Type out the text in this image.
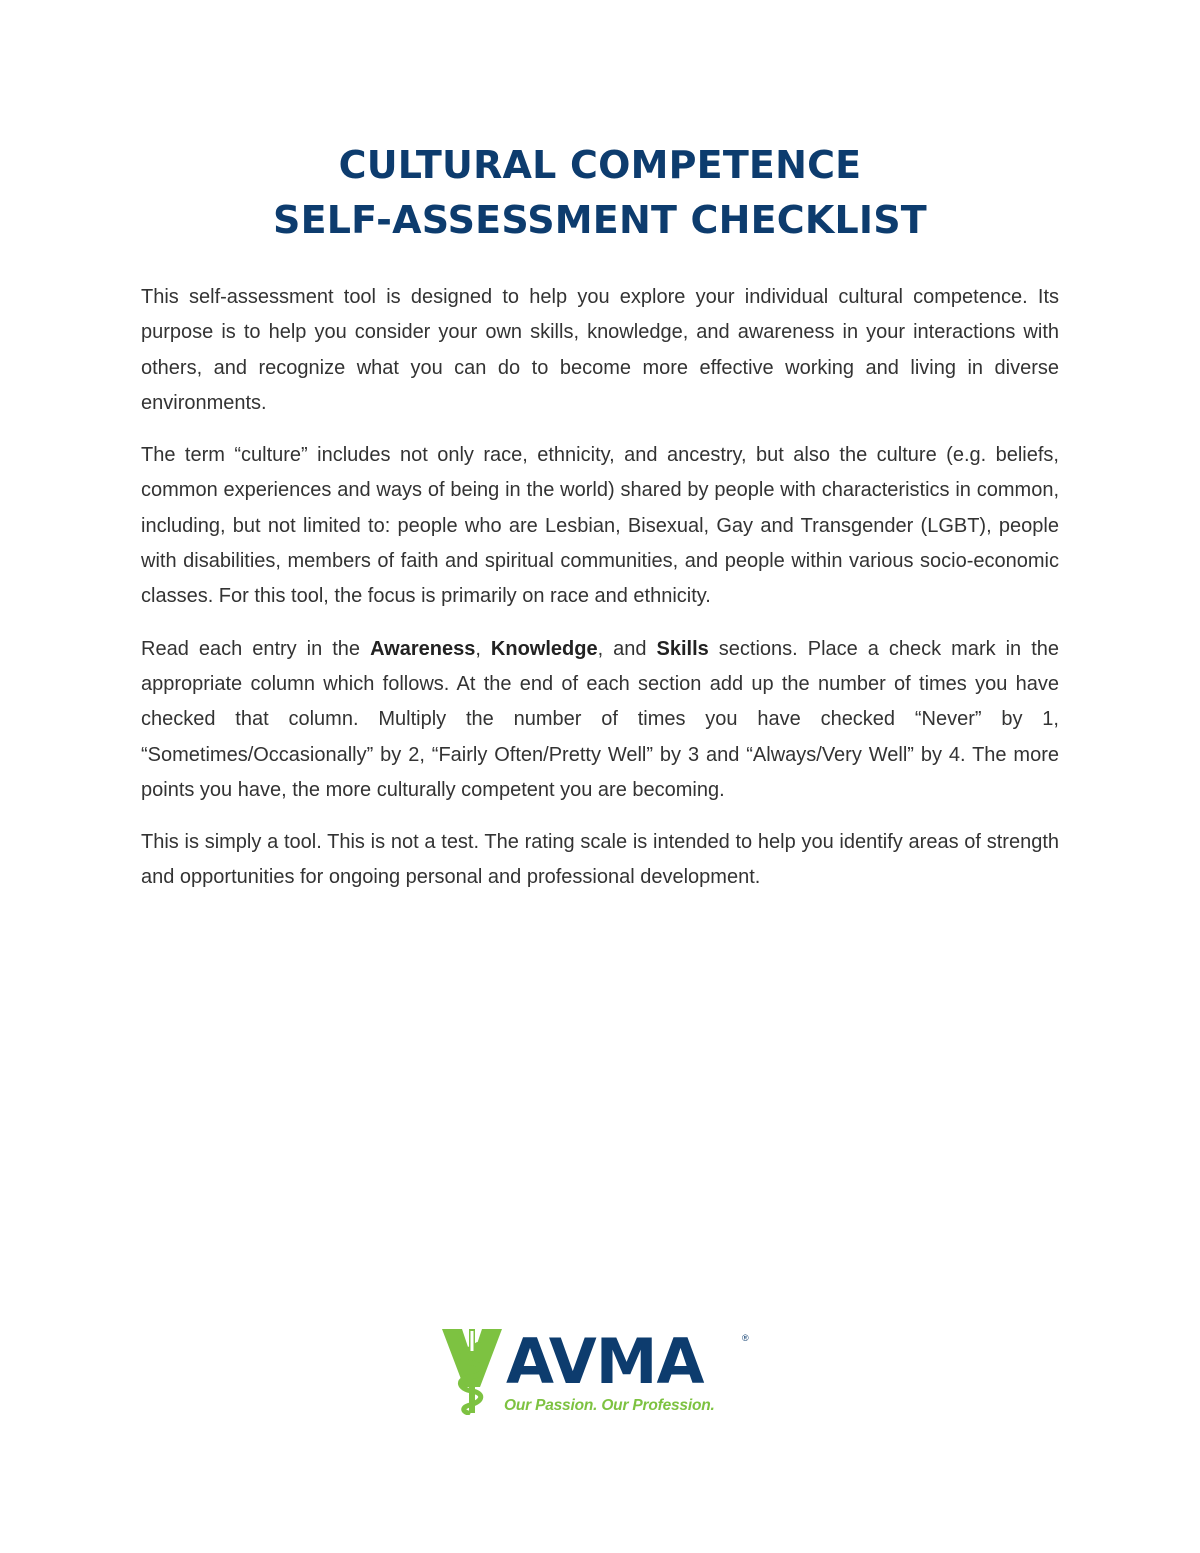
CULTURAL COMPETENCE
SELF-ASSESSMENT CHECKLIST

This self-assessment tool is designed to help you explore your individual cultural competence. Its purpose is to help you consider your own skills, knowledge, and awareness in your interactions with others, and recognize what you can do to become more effective working and living in diverse environments.

The term “culture” includes not only race, ethnicity, and ancestry, but also the culture (e.g. beliefs, common experiences and ways of being in the world) shared by people with characteristics in common, including, but not limited to: people who are Lesbian, Bisexual, Gay and Transgender (LGBT), people with disabilities, members of faith and spiritual communities, and people within various socio-economic classes. For this tool, the focus is primarily on race and ethnicity.

Read each entry in the Awareness, Knowledge, and Skills sections. Place a check mark in the appropriate column which follows. At the end of each section add up the number of times you have checked that column. Multiply the number of times you have checked “Never” by 1, “Sometimes/Occasionally” by 2, “Fairly Often/Pretty Well” by 3 and “Always/Very Well” by 4. The more points you have, the more culturally competent you are becoming.

This is simply a tool. This is not a test. The rating scale is intended to help you identify areas of strength and opportunities for ongoing personal and professional development.

AVMA	®
Our Passion. Our Profession.
